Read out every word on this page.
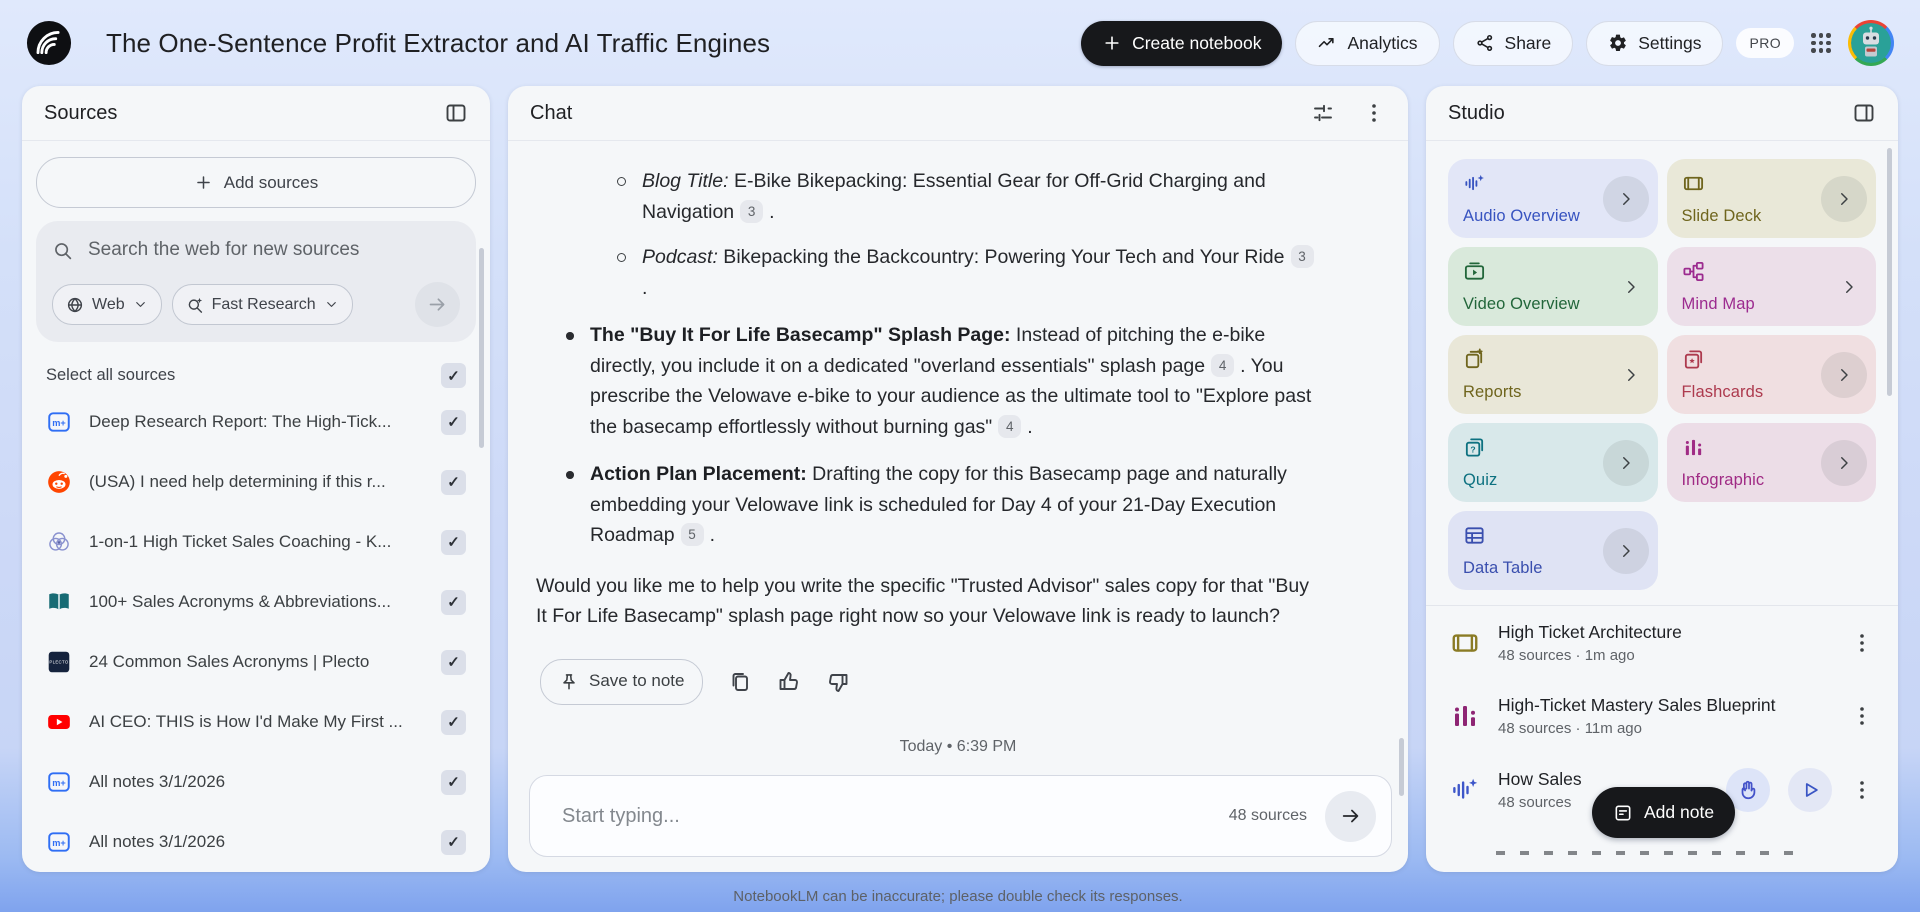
The One-Sentence Profit Extractor and AI Traffic Engines	Create notebook	Analytics	Share	Settings	PRO
Sources
Add sources
Search the web for new sources
Web	Fast Research
Select all sources	✓
m+ Deep Research Report: The High-Tick...	✓
(USA) I need help determining if this r...	✓
1-on-1 High Ticket Sales Coaching - K...	✓
100+ Sales Acronyms & Abbreviations...	✓
PLECTO 24 Common Sales Acronyms | Plecto	✓
AI CEO: THIS is How I'd Make My First ...	✓
m+ All notes 3/1/2026	✓
m+ All notes 3/1/2026	✓
Chat
Blog Title: E-Bike Bikepacking: Essential Gear for Off-Grid Charging and Navigation 3 .
Podcast: Bikepacking the Backcountry: Powering Your Tech and Your Ride 3.
The "Buy It For Life Basecamp" Splash Page: Instead of pitching the e-bike directly, you include it on a dedicated "overland essentials" splash page 4 . You prescribe the Velowave e-bike to your audience as the ultimate tool to "Explore past the basecamp effortlessly without burning gas" 4 .
Action Plan Placement: Drafting the copy for this Basecamp page and naturally embedding your Velowave link is scheduled for Day 4 of your 21-Day Execution Roadmap 5 .
Would you like me to help you write the specific "Trusted Advisor" sales copy for that "Buy It For Life Basecamp" splash page right now so your Velowave link is ready to launch?
Save to note
Today • 6:39 PM
Start typing...
48 sources
NotebookLM can be inaccurate; please double check its responses.
Studio
Audio Overview	Slide Deck
Video Overview	Mind Map
Reports	Flashcards
?
Quiz	Infographic
Data Table
High Ticket Architecture
48 sources · 1m ago
High-Ticket Mastery Sales Blueprint
48 sources · 11m ago
How Sales
48 sources	Add note
